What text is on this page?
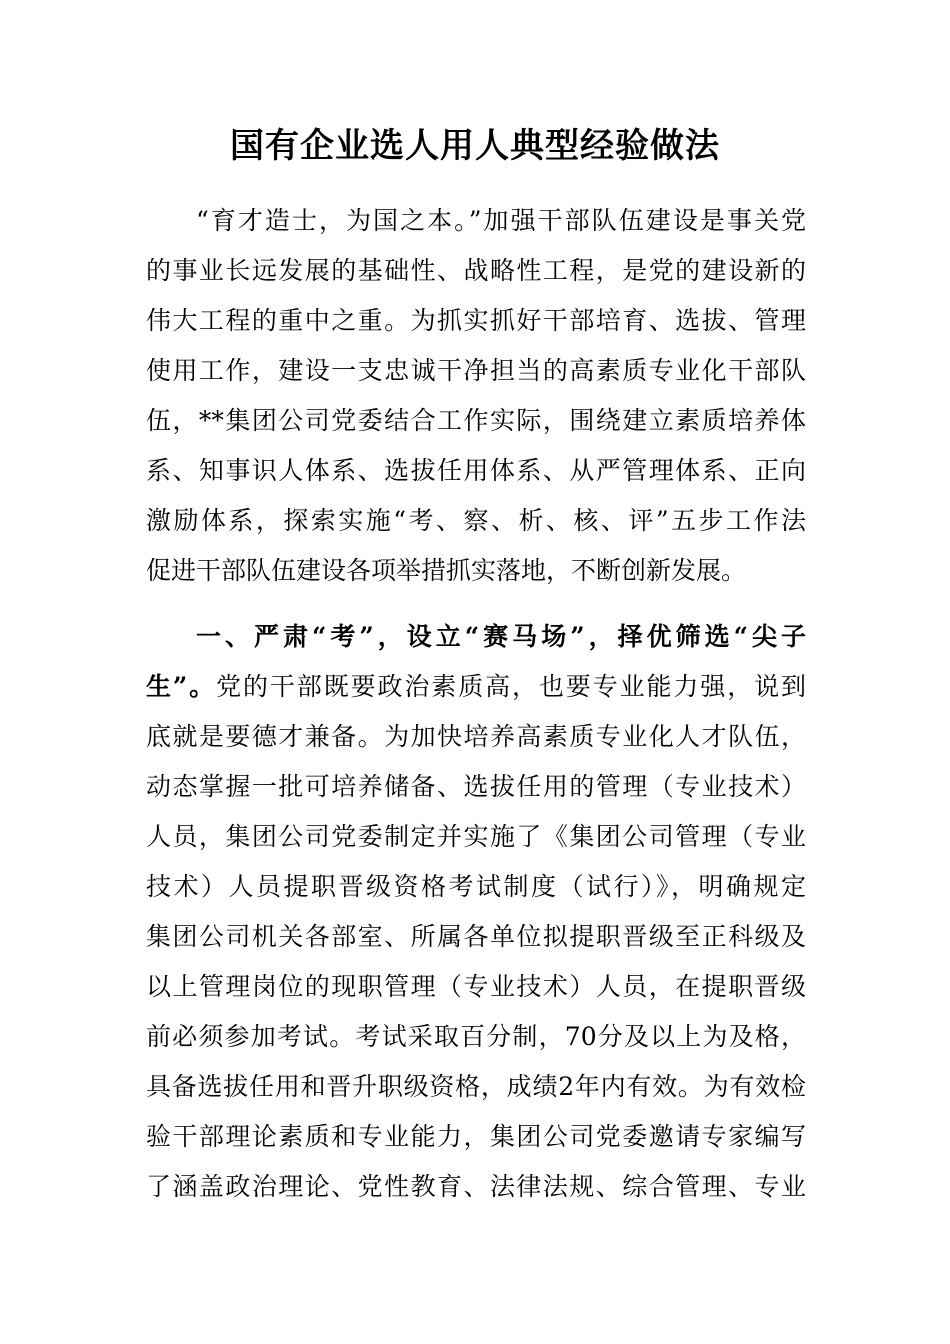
国有企业选人用人典型经验做法
“育才造士，为国之本。”加强干部队伍建设是事关党
的事业长远发展的基础性、战略性工程，是党的建设新的
伟大工程的重中之重。为抓实抓好干部培育、选拔、管理
使用工作，建设一支忠诚干净担当的高素质专业化干部队
伍，**集团公司党委结合工作实际，围绕建立素质培养体
系、知事识人体系、选拔任用体系、从严管理体系、正向
激励体系，探索实施“考、察、析、核、评”五步工作法
促进干部队伍建设各项举措抓实落地，不断创新发展。
一、严肃“考”，设立“赛马场”，择优筛选“尖子
生”。党的干部既要政治素质高，也要专业能力强，说到
底就是要德才兼备。为加快培养高素质专业化人才队伍，
动态掌握一批可培养储备、选拔任用的管理（专业技术）
人员，集团公司党委制定并实施了《集团公司管理（专业
技术）人员提职晋级资格考试制度（试行）》，明确规定
集团公司机关各部室、所属各单位拟提职晋级至正科级及
以上管理岗位的现职管理（专业技术）人员，在提职晋级
前必须参加考试。考试采取百分制，70分及以上为及格，
具备选拔任用和晋升职级资格，成绩2年内有效。为有效检
验干部理论素质和专业能力，集团公司党委邀请专家编写
了涵盖政治理论、党性教育、法律法规、综合管理、专业
